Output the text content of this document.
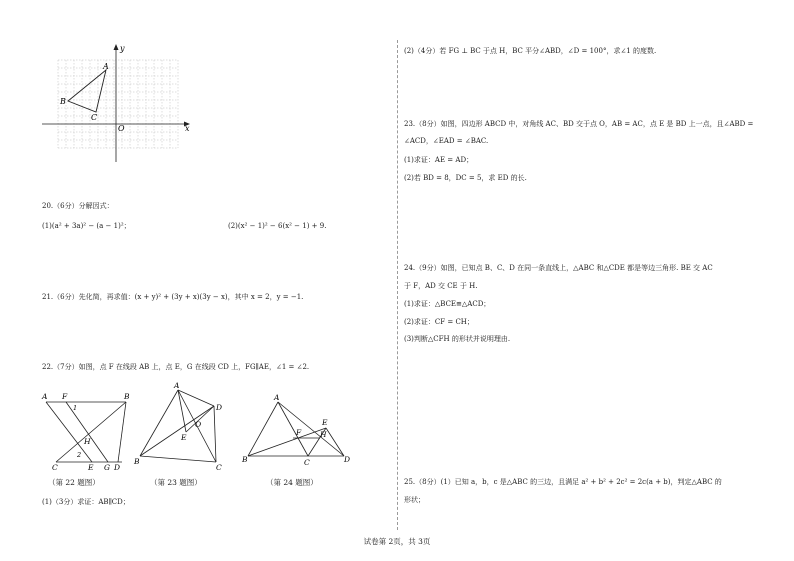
y
x
O
A
B
C
20.（6分）分解因式：
(1)(a² + 3a)² − (a − 1)²；	(2)(x² − 1)² − 6(x² − 1) + 9.
21.（6分）先化简，再求值：(x + y)² + (3y + x)(3y − x)，其中 x = 2，y = −1.
22.（7分）如图，点 F 在线段 AB 上，点 E，G 在线段 CD 上，FG∥AE，∠1 = ∠2.
A F
1
B
H
2
C	E G D
A
D
O
E
B
C
A
E
F	H
B	C	D
（第 22 题图）	（第 23 题图）	（第 24 题图）
(1)（3分）求证：AB∥CD；
(2)（4分）若 FG ⊥ BC 于点 H，BC 平分∠ABD，∠D = 100°，求∠1 的度数.
23.（8分）如图，四边形 ABCD 中，对角线 AC、BD 交于点 O，AB = AC，点 E 是 BD 上一点，且∠ABD =
∠ACD，∠EAD = ∠BAC.
(1)求证：AE = AD；
(2)若 BD = 8，DC = 5，求 ED 的长.
24.（9分）如图，已知点 B、C、D 在同一条直线上，△ABC 和△CDE 都是等边三角形. BE 交 AC
于 F，AD 交 CE 于 H.
(1)求证：△BCE≌△ACD；
(2)求证：CF = CH；
(3)判断△CFH 的形状并说明理由.
25.（8分）(1）已知 a，b，c 是△ABC 的三边，且满足 a² + b² + 2c² = 2c(a + b)，判定△ABC 的
形状；
试卷第 2页，共 3页
